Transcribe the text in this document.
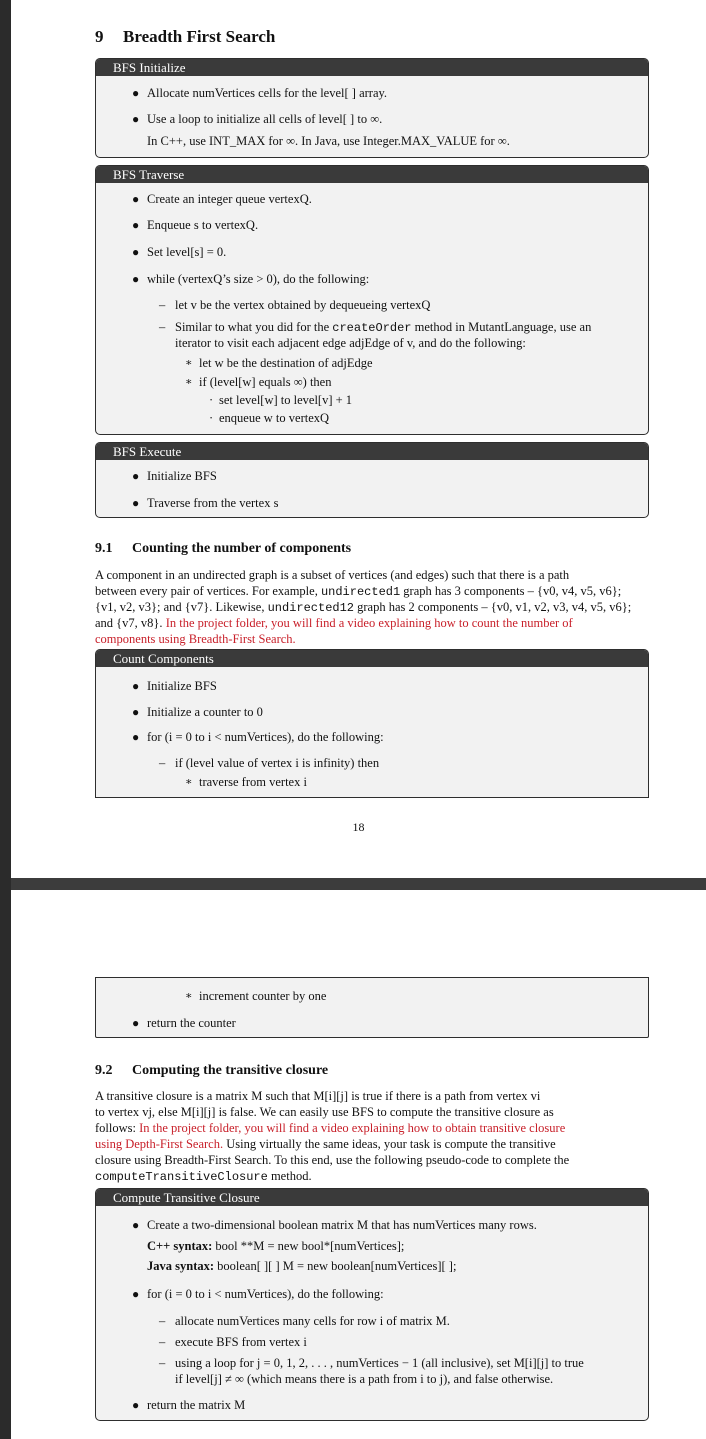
9 Breadth First Search
BFS Initialize
● Allocate numVertices cells for the level[ ] array.
● Use a loop to initialize all cells of level[ ] to ∞.
In C++, use INT_MAX for ∞. In Java, use Integer.MAX_VALUE for ∞.
BFS Traverse
● Create an integer queue vertexQ.
● Enqueue s to vertexQ.
● Set level[s] = 0.
● while (vertexQ’s size > 0), do the following:
– let v be the vertex obtained by dequeueing vertexQ
– Similar to what you did for the createOrder method in MutantLanguage, use an
iterator to visit each adjacent edge adjEdge of v, and do the following:
∗ let w be the destination of adjEdge
∗ if (level[w] equals ∞) then
· set level[w] to level[v] + 1
· enqueue w to vertexQ
BFS Execute
● Initialize BFS
● Traverse from the vertex s
9.1 Counting the number of components
A component in an undirected graph is a subset of vertices (and edges) such that there is a path
between every pair of vertices. For example, undirected1 graph has 3 components – {v0, v4, v5, v6};
{v1, v2, v3}; and {v7}. Likewise, undirected12 graph has 2 components – {v0, v1, v2, v3, v4, v5, v6};
and {v7, v8}. In the project folder, you will find a video explaining how to count the number of
components using Breadth-First Search.
Count Components
● Initialize BFS
● Initialize a counter to 0
● for (i = 0 to i < numVertices), do the following:
– if (level value of vertex i is infinity) then
∗ traverse from vertex i
18
∗ increment counter by one
● return the counter
9.2 Computing the transitive closure
A transitive closure is a matrix M such that M[i][j] is true if there is a path from vertex vi
to vertex vj, else M[i][j] is false. We can easily use BFS to compute the transitive closure as
follows: In the project folder, you will find a video explaining how to obtain transitive closure
using Depth-First Search. Using virtually the same ideas, your task is compute the transitive
closure using Breadth-First Search. To this end, use the following pseudo-code to complete the
computeTransitiveClosure method.
Compute Transitive Closure
● Create a two-dimensional boolean matrix M that has numVertices many rows.
C++ syntax: bool **M = new bool*[numVertices];
Java syntax: boolean[ ][ ] M = new boolean[numVertices][ ];
● for (i = 0 to i < numVertices), do the following:
– allocate numVertices many cells for row i of matrix M.
– execute BFS from vertex i
– using a loop for j = 0, 1, 2, . . . , numVertices − 1 (all inclusive), set M[i][j] to true
if level[j] ≠ ∞ (which means there is a path from i to j), and false otherwise.
● return the matrix M
